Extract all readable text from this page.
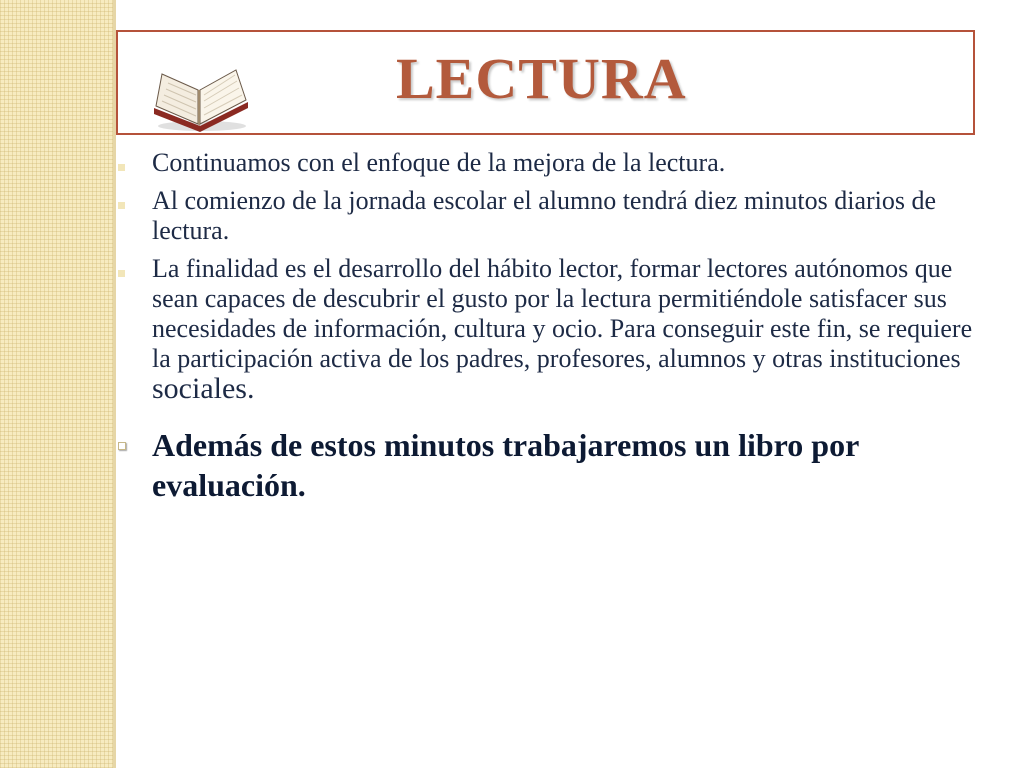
LECTURA
Continuamos con el enfoque de la mejora de la lectura.
Al comienzo de la jornada escolar el alumno tendrá diez minutos diarios de lectura.
La finalidad es el desarrollo del hábito lector, formar lectores autónomos que sean capaces de descubrir el gusto por la lectura permitiéndole satisfacer sus necesidades de información, cultura y ocio. Para conseguir este fin, se requiere la participación activa de los padres, profesores, alumnos y otras instituciones sociales.
Además de estos minutos trabajaremos un libro por evaluación.
